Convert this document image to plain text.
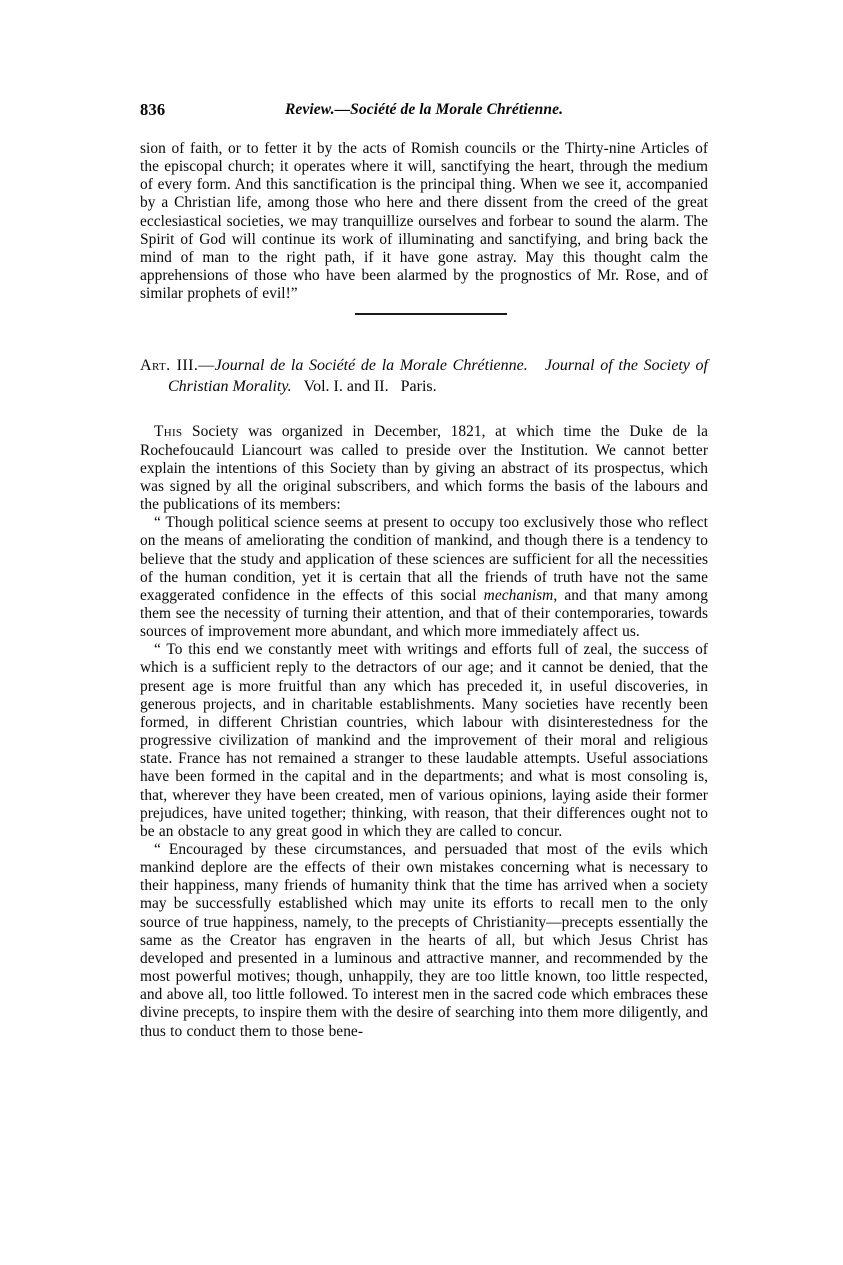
836	Review.—Société de la Morale Chrétienne.

sion of faith, or to fetter it by the acts of Romish councils or the Thirty-nine Articles of the episcopal church; it operates where it will, sanctifying the heart, through the medium of every form. And this sanctification is the principal thing. When we see it, accompanied by a Christian life, among those who here and there dissent from the creed of the great ecclesiastical societies, we may tranquillize ourselves and forbear to sound the alarm. The Spirit of God will continue its work of illuminating and sanctifying, and bring back the mind of man to the right path, if it have gone astray. May this thought calm the apprehensions of those who have been alarmed by the prognostics of Mr. Rose, and of similar prophets of evil!”

Art. III.—Journal de la Société de la Morale Chrétienne. Journal of the Society of Christian Morality. Vol. I. and II. Paris.

This Society was organized in December, 1821, at which time the Duke de la Rochefoucauld Liancourt was called to preside over the Institution. We cannot better explain the intentions of this Society than by giving an abstract of its prospectus, which was signed by all the original subscribers, and which forms the basis of the labours and the publications of its members:

“ Though political science seems at present to occupy too exclusively those who reflect on the means of ameliorating the condition of mankind, and though there is a tendency to believe that the study and application of these sciences are sufficient for all the necessities of the human condition, yet it is certain that all the friends of truth have not the same exaggerated confidence in the effects of this social mechanism, and that many among them see the necessity of turning their attention, and that of their contemporaries, towards sources of improvement more abundant, and which more immediately affect us.

“ To this end we constantly meet with writings and efforts full of zeal, the success of which is a sufficient reply to the detractors of our age; and it cannot be denied, that the present age is more fruitful than any which has preceded it, in useful discoveries, in generous projects, and in charitable establishments. Many societies have recently been formed, in different Christian countries, which labour with disinterestedness for the progressive civilization of mankind and the improvement of their moral and religious state. France has not remained a stranger to these laudable attempts. Useful associations have been formed in the capital and in the departments; and what is most consoling is, that, wherever they have been created, men of various opinions, laying aside their former prejudices, have united together; thinking, with reason, that their differences ought not to be an obstacle to any great good in which they are called to concur.

“ Encouraged by these circumstances, and persuaded that most of the evils which mankind deplore are the effects of their own mistakes concerning what is necessary to their happiness, many friends of humanity think that the time has arrived when a society may be successfully established which may unite its efforts to recall men to the only source of true happiness, namely, to the precepts of Christianity—precepts essentially the same as the Creator has engraven in the hearts of all, but which Jesus Christ has developed and presented in a luminous and attractive manner, and recommended by the most powerful motives; though, unhappily, they are too little known, too little respected, and above all, too little followed. To interest men in the sacred code which embraces these divine precepts, to inspire them with the desire of searching into them more diligently, and thus to conduct them to those bene-
